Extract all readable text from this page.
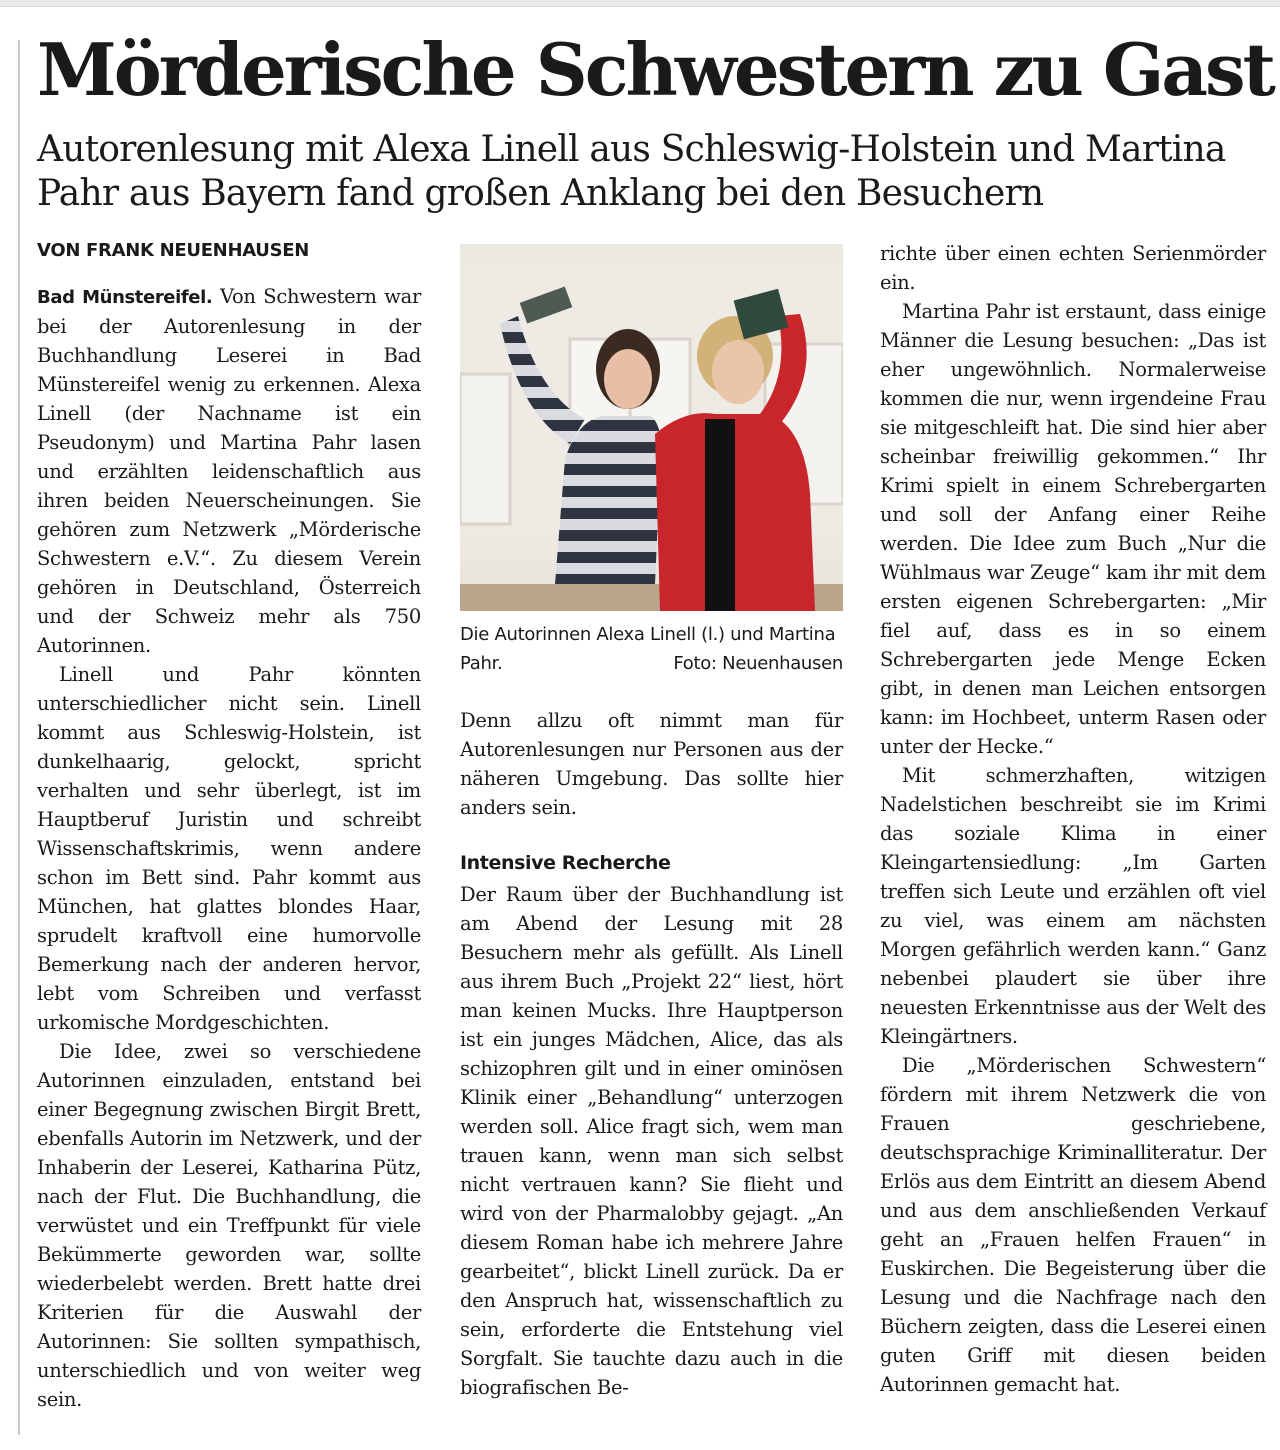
Mörderische Schwestern zu Gast
Autorenlesung mit Alexa Linell aus Schleswig-Holstein und Martina Pahr aus Bayern fand großen Anklang bei den Besuchern
VON FRANK NEUENHAUSEN

Bad Münstereifel. Von Schwestern war bei der Autorenlesung in der Buchhandlung Leserei in Bad Münstereifel wenig zu erkennen. Alexa Linell (der Nachname ist ein Pseudonym) und Martina Pahr lasen und erzählten leidenschaftlich aus ihren beiden Neuerscheinungen. Sie gehören zum Netzwerk „Mörderische Schwestern e.V.“. Zu diesem Verein gehören in Deutschland, Österreich und der Schweiz mehr als 750 Autorinnen.

Linell und Pahr könnten unterschiedlicher nicht sein. Linell kommt aus Schleswig-Holstein, ist dunkelhaarig, gelockt, spricht verhalten und sehr überlegt, ist im Hauptberuf Juristin und schreibt Wissenschaftskrimis, wenn andere schon im Bett sind. Pahr kommt aus München, hat glattes blondes Haar, sprudelt kraftvoll eine humorvolle Bemerkung nach der anderen hervor, lebt vom Schreiben und verfasst urkomische Mordgeschichten.

Die Idee, zwei so verschiedene Autorinnen einzuladen, entstand bei einer Begegnung zwischen Birgit Brett, ebenfalls Autorin im Netzwerk, und der Inhaberin der Leserei, Katharina Pütz, nach der Flut. Die Buchhandlung, die verwüstet und ein Treffpunkt für viele Bekümmerte geworden war, sollte wiederbelebt werden. Brett hatte drei Kriterien für die Auswahl der Autorinnen: Sie sollten sympathisch, unterschiedlich und von weiter weg sein.

Die Autorinnen Alexa Linell (l.) und Martina Pahr.	Foto: Neuenhausen

Denn allzu oft nimmt man für Autorenlesungen nur Personen aus der näheren Umgebung. Das sollte hier anders sein.

Intensive Recherche

Der Raum über der Buchhandlung ist am Abend der Lesung mit 28 Besuchern mehr als gefüllt. Als Linell aus ihrem Buch „Projekt 22“ liest, hört man keinen Mucks. Ihre Hauptperson ist ein junges Mädchen, Alice, das als schizophren gilt und in einer ominösen Klinik einer „Behandlung“ unterzogen werden soll. Alice fragt sich, wem man trauen kann, wenn man sich selbst nicht vertrauen kann? Sie flieht und wird von der Pharmalobby gejagt. „An diesem Roman habe ich mehrere Jahre gearbeitet“, blickt Linell zurück. Da er den Anspruch hat, wissenschaftlich zu sein, erforderte die Entstehung viel Sorgfalt. Sie tauchte dazu auch in die biografischen Be-

richte über einen echten Serienmörder ein.

Martina Pahr ist erstaunt, dass einige Männer die Lesung besuchen: „Das ist eher ungewöhnlich. Normalerweise kommen die nur, wenn irgendeine Frau sie mitgeschleift hat. Die sind hier aber scheinbar freiwillig gekommen.“ Ihr Krimi spielt in einem Schrebergarten und soll der Anfang einer Reihe werden. Die Idee zum Buch „Nur die Wühlmaus war Zeuge“ kam ihr mit dem ersten eigenen Schrebergarten: „Mir fiel auf, dass es in so einem Schrebergarten jede Menge Ecken gibt, in denen man Leichen entsorgen kann: im Hochbeet, unterm Rasen oder unter der Hecke.“

Mit schmerzhaften, witzigen Nadelstichen beschreibt sie im Krimi das soziale Klima in einer Kleingartensiedlung: „Im Garten treffen sich Leute und erzählen oft viel zu viel, was einem am nächsten Morgen gefährlich werden kann.“ Ganz nebenbei plaudert sie über ihre neuesten Erkenntnisse aus der Welt des Kleingärtners.

Die „Mörderischen Schwestern“ fördern mit ihrem Netzwerk die von Frauen geschriebene, deutschsprachige Kriminalliteratur. Der Erlös aus dem Eintritt an diesem Abend und aus dem anschließenden Verkauf geht an „Frauen helfen Frauen“ in Euskirchen. Die Begeisterung über die Lesung und die Nachfrage nach den Büchern zeigten, dass die Leserei einen guten Griff mit diesen beiden Autorinnen gemacht hat.
